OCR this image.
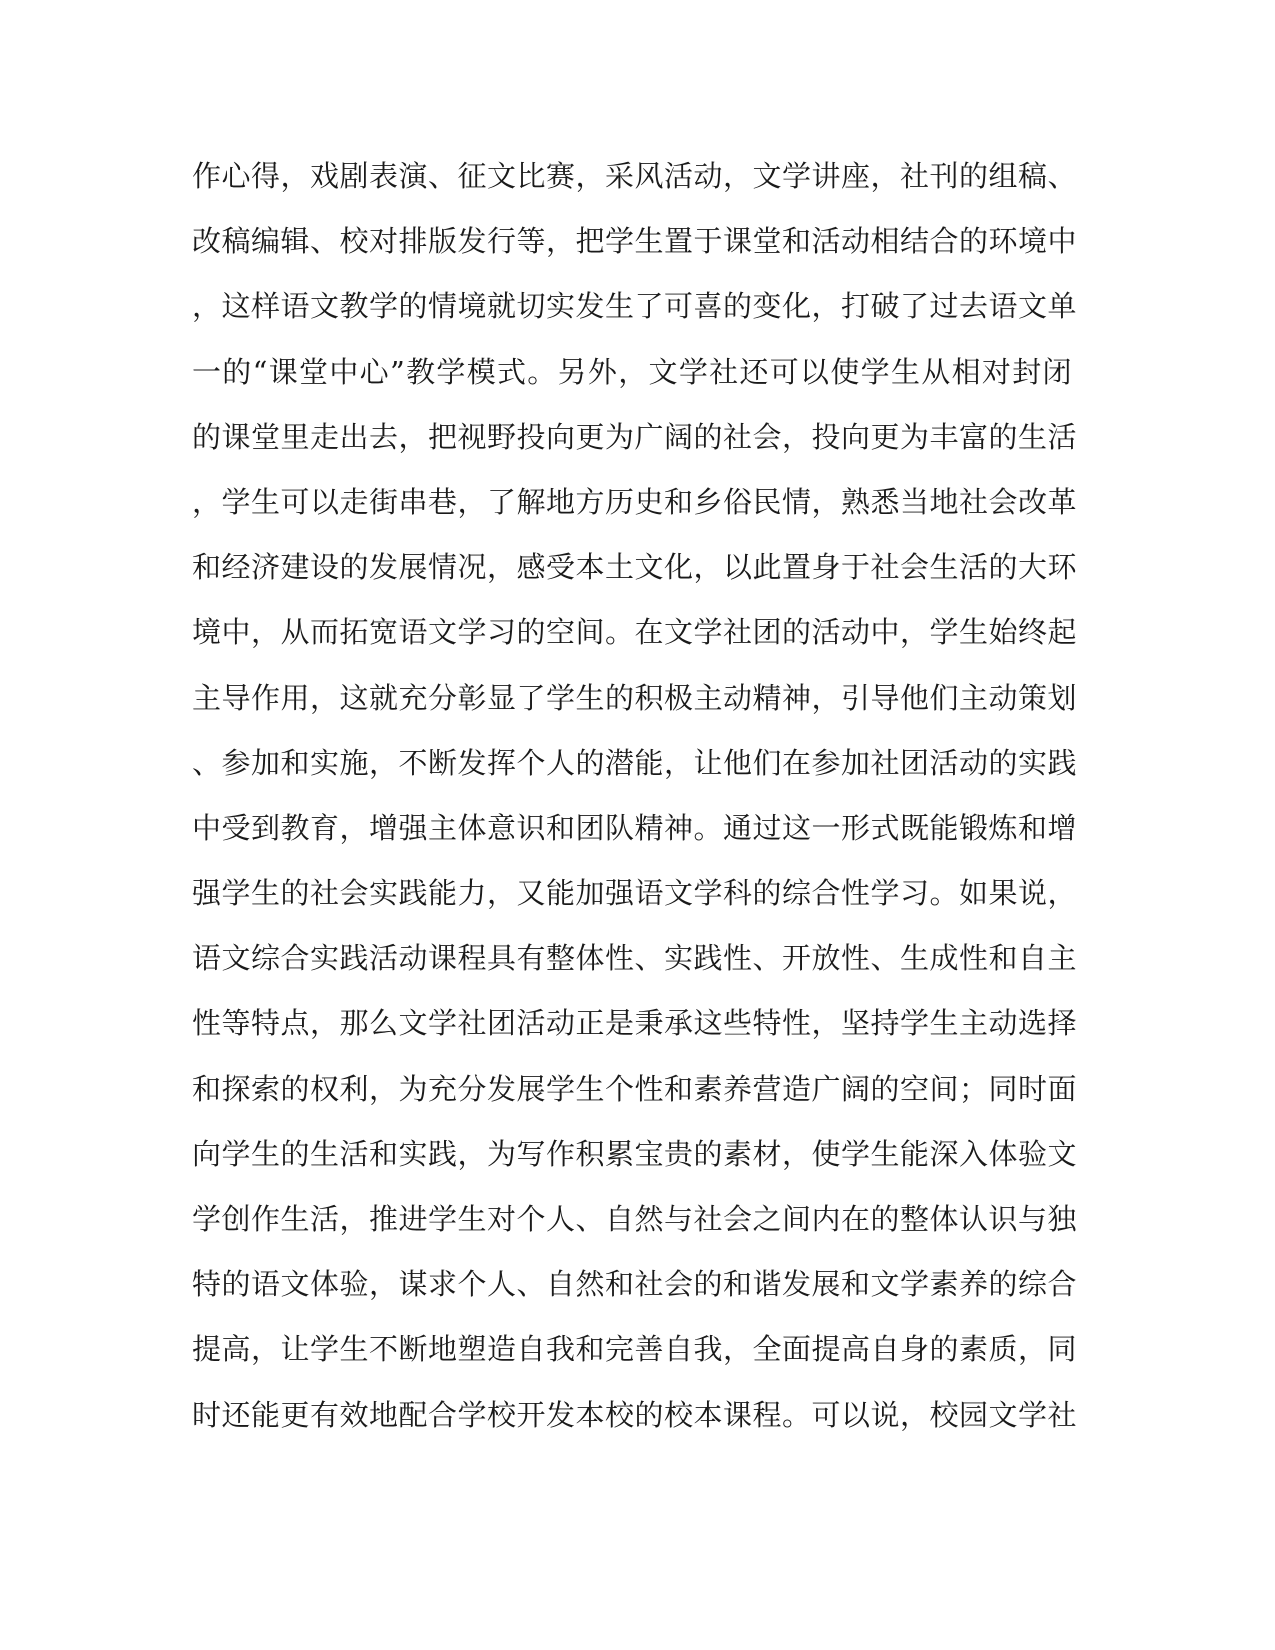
作心得，戏剧表演、征文比赛，采风活动，文学讲座，社刊的组稿、
改稿编辑、校对排版发行等，把学生置于课堂和活动相结合的环境中
，这样语文教学的情境就切实发生了可喜的变化，打破了过去语文单
一的“课堂中心”教学模式。另外，文学社还可以使学生从相对封闭
的课堂里走出去，把视野投向更为广阔的社会，投向更为丰富的生活
，学生可以走街串巷，了解地方历史和乡俗民情，熟悉当地社会改革
和经济建设的发展情况，感受本土文化，以此置身于社会生活的大环
境中，从而拓宽语文学习的空间。在文学社团的活动中，学生始终起
主导作用，这就充分彰显了学生的积极主动精神，引导他们主动策划
、参加和实施，不断发挥个人的潜能，让他们在参加社团活动的实践
中受到教育，增强主体意识和团队精神。通过这一形式既能锻炼和增
强学生的社会实践能力，又能加强语文学科的综合性学习。如果说，
语文综合实践活动课程具有整体性、实践性、开放性、生成性和自主
性等特点，那么文学社团活动正是秉承这些特性，坚持学生主动选择
和探索的权利，为充分发展学生个性和素养营造广阔的空间；同时面
向学生的生活和实践，为写作积累宝贵的素材，使学生能深入体验文
学创作生活，推进学生对个人、自然与社会之间内在的整体认识与独
特的语文体验，谋求个人、自然和社会的和谐发展和文学素养的综合
提高，让学生不断地塑造自我和完善自我，全面提高自身的素质，同
时还能更有效地配合学校开发本校的校本课程。可以说，校园文学社
